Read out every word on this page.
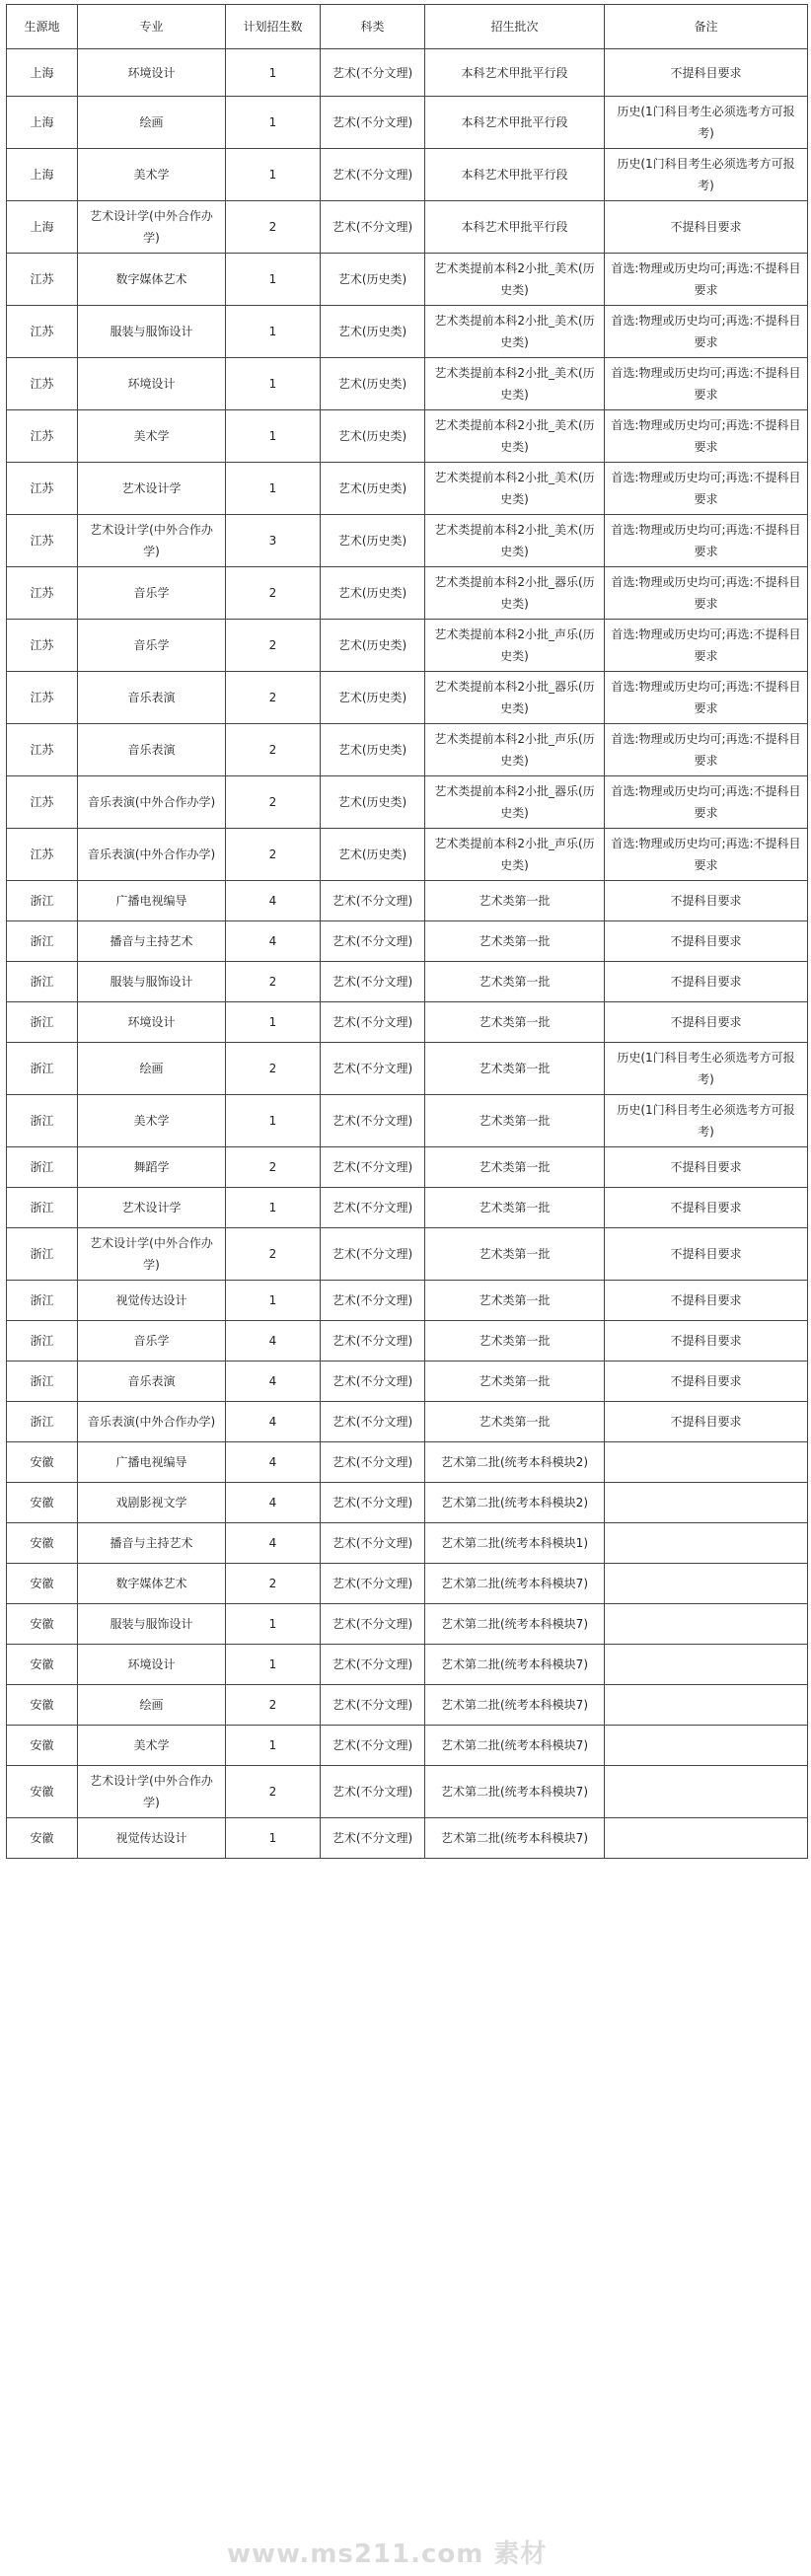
生源地	专业	计划招生数	科类	招生批次	备注
上海	环境设计	1	艺术(不分文理)	本科艺术甲批平行段	不提科目要求
上海	绘画	1	艺术(不分文理)	本科艺术甲批平行段	历史(1门科目考生必须选考方可报考)
上海	美术学	1	艺术(不分文理)	本科艺术甲批平行段	历史(1门科目考生必须选考方可报考)
上海	艺术设计学(中外合作办学)	2	艺术(不分文理)	本科艺术甲批平行段	不提科目要求
江苏	数字媒体艺术	1	艺术(历史类)	艺术类提前本科2小批_美术(历史类)	首选:物理或历史均可;再选:不提科目要求
江苏	服装与服饰设计	1	艺术(历史类)	艺术类提前本科2小批_美术(历史类)	首选:物理或历史均可;再选:不提科目要求
江苏	环境设计	1	艺术(历史类)	艺术类提前本科2小批_美术(历史类)	首选:物理或历史均可;再选:不提科目要求
江苏	美术学	1	艺术(历史类)	艺术类提前本科2小批_美术(历史类)	首选:物理或历史均可;再选:不提科目要求
江苏	艺术设计学	1	艺术(历史类)	艺术类提前本科2小批_美术(历史类)	首选:物理或历史均可;再选:不提科目要求
江苏	艺术设计学(中外合作办学)	3	艺术(历史类)	艺术类提前本科2小批_美术(历史类)	首选:物理或历史均可;再选:不提科目要求
江苏	音乐学	2	艺术(历史类)	艺术类提前本科2小批_器乐(历史类)	首选:物理或历史均可;再选:不提科目要求
江苏	音乐学	2	艺术(历史类)	艺术类提前本科2小批_声乐(历史类)	首选:物理或历史均可;再选:不提科目要求
江苏	音乐表演	2	艺术(历史类)	艺术类提前本科2小批_器乐(历史类)	首选:物理或历史均可;再选:不提科目要求
江苏	音乐表演	2	艺术(历史类)	艺术类提前本科2小批_声乐(历史类)	首选:物理或历史均可;再选:不提科目要求
江苏	音乐表演(中外合作办学)	2	艺术(历史类)	艺术类提前本科2小批_器乐(历史类)	首选:物理或历史均可;再选:不提科目要求
江苏	音乐表演(中外合作办学)	2	艺术(历史类)	艺术类提前本科2小批_声乐(历史类)	首选:物理或历史均可;再选:不提科目要求
浙江	广播电视编导	4	艺术(不分文理)	艺术类第一批	不提科目要求
浙江	播音与主持艺术	4	艺术(不分文理)	艺术类第一批	不提科目要求
浙江	服装与服饰设计	2	艺术(不分文理)	艺术类第一批	不提科目要求
浙江	环境设计	1	艺术(不分文理)	艺术类第一批	不提科目要求
浙江	绘画	2	艺术(不分文理)	艺术类第一批	历史(1门科目考生必须选考方可报考)
浙江	美术学	1	艺术(不分文理)	艺术类第一批	历史(1门科目考生必须选考方可报考)
浙江	舞蹈学	2	艺术(不分文理)	艺术类第一批	不提科目要求
浙江	艺术设计学	1	艺术(不分文理)	艺术类第一批	不提科目要求
浙江	艺术设计学(中外合作办学)	2	艺术(不分文理)	艺术类第一批	不提科目要求
浙江	视觉传达设计	1	艺术(不分文理)	艺术类第一批	不提科目要求
浙江	音乐学	4	艺术(不分文理)	艺术类第一批	不提科目要求
浙江	音乐表演	4	艺术(不分文理)	艺术类第一批	不提科目要求
浙江	音乐表演(中外合作办学)	4	艺术(不分文理)	艺术类第一批	不提科目要求
安徽	广播电视编导	4	艺术(不分文理)	艺术第二批(统考本科模块2)	
安徽	戏剧影视文学	4	艺术(不分文理)	艺术第二批(统考本科模块2)	
安徽	播音与主持艺术	4	艺术(不分文理)	艺术第二批(统考本科模块1)	
安徽	数字媒体艺术	2	艺术(不分文理)	艺术第二批(统考本科模块7)	
安徽	服装与服饰设计	1	艺术(不分文理)	艺术第二批(统考本科模块7)	
安徽	环境设计	1	艺术(不分文理)	艺术第二批(统考本科模块7)	
安徽	绘画	2	艺术(不分文理)	艺术第二批(统考本科模块7)	
安徽	美术学	1	艺术(不分文理)	艺术第二批(统考本科模块7)	
安徽	艺术设计学(中外合作办学)	2	艺术(不分文理)	艺术第二批(统考本科模块7)	
安徽	视觉传达设计	1	艺术(不分文理)	艺术第二批(统考本科模块7)	
www.ms211.com 素材
